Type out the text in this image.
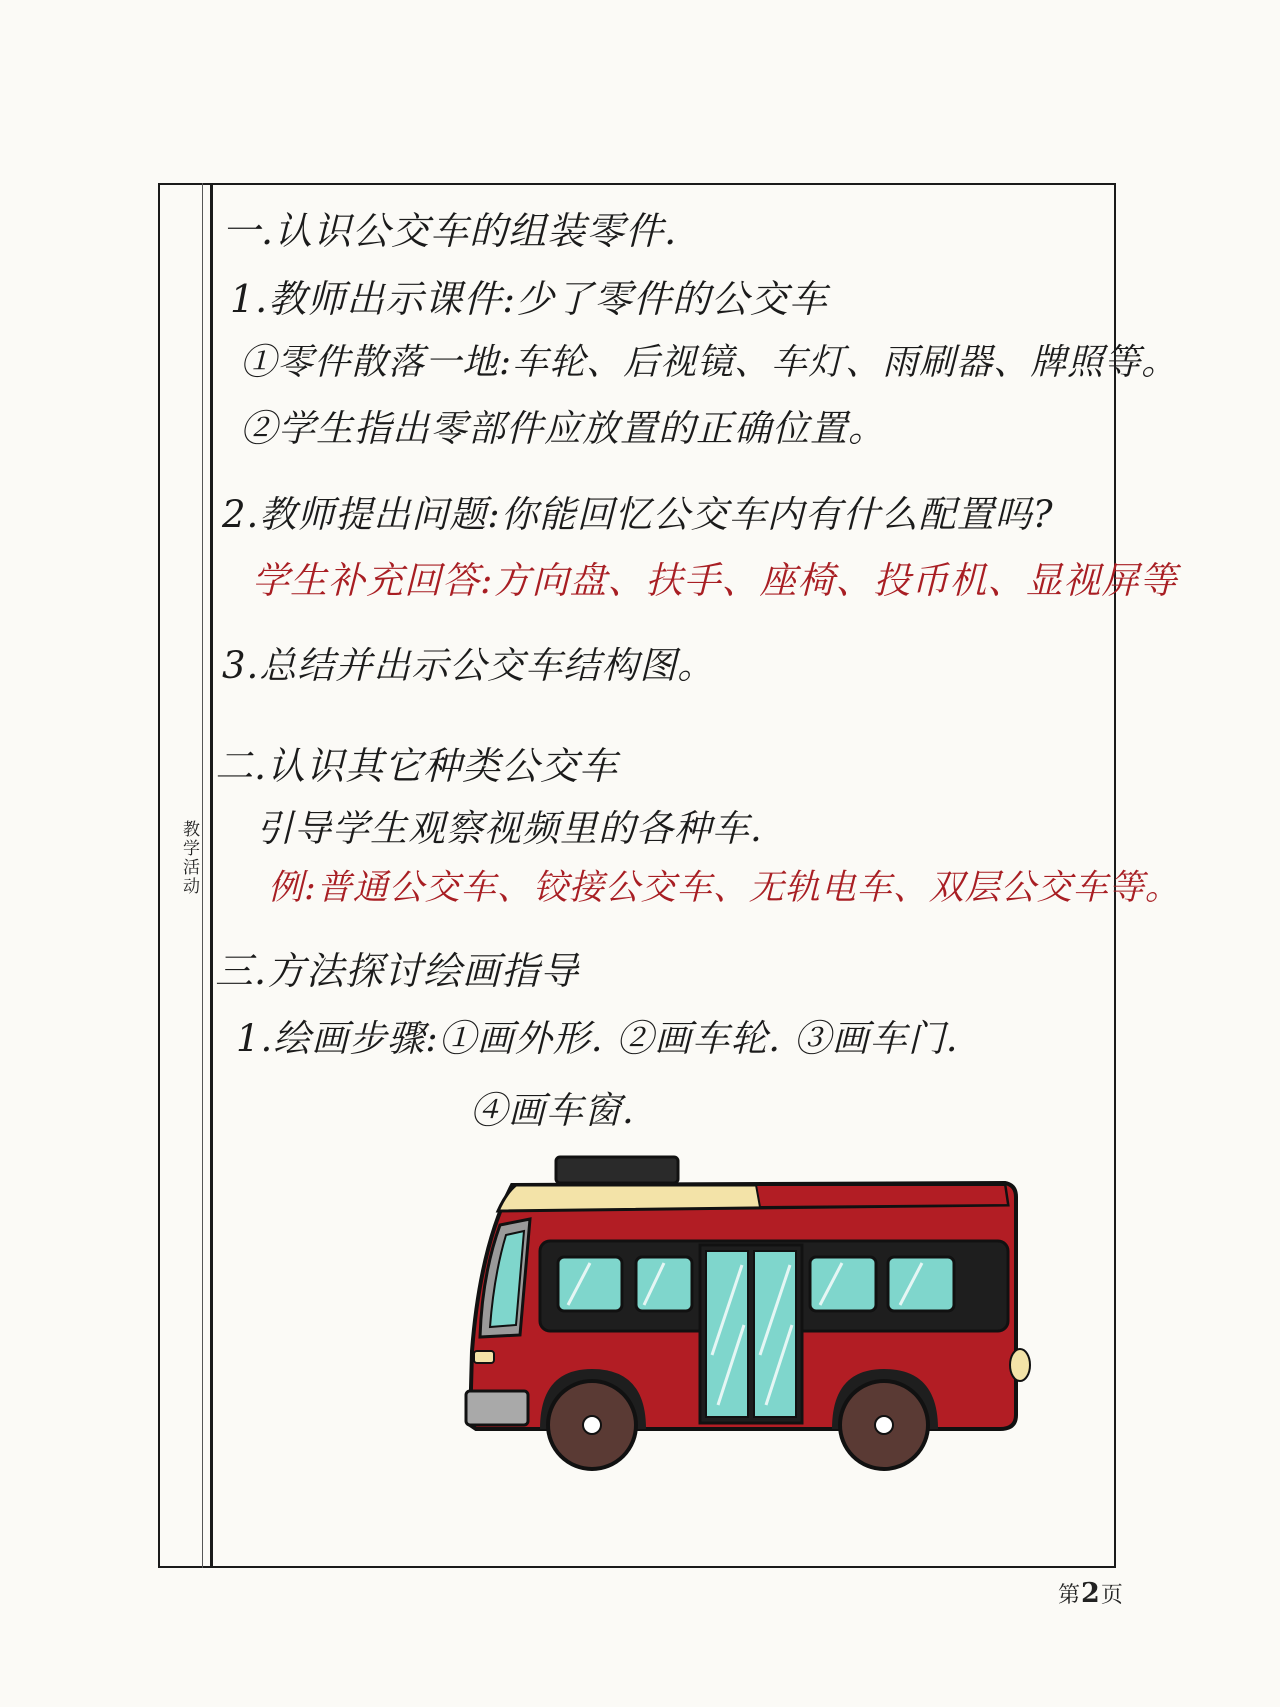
教学活动
一.认识公交车的组装零件.
1.教师出示课件:少了零件的公交车
①零件散落一地:车轮、后视镜、车灯、雨刷器、牌照等。
②学生指出零部件应放置的正确位置。
2.教师提出问题:你能回忆公交车内有什么配置吗?
学生补充回答:方向盘、扶手、座椅、投币机、显视屏等
3.总结并出示公交车结构图。
二.认识其它种类公交车
引导学生观察视频里的各种车.
例:普通公交车、铰接公交车、无轨电车、双层公交车等。
三.方法探讨绘画指导
1.绘画步骤:①画外形. ②画车轮. ③画车门.
④画车窗.
第2页
